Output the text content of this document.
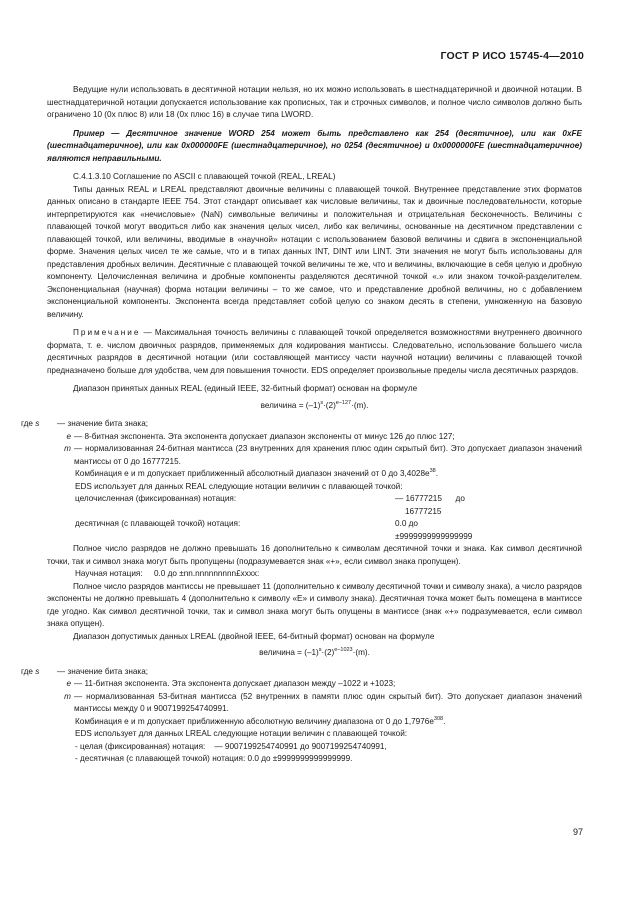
ГОСТ Р ИСО 15745-4—2010

Ведущие нули использовать в десятичной нотации нельзя, но их можно использовать в шестнадцатеричной и двоичной нотации. В шестнадцатеричной нотации допускается использование как прописных, так и строчных символов, и полное число символов должно быть ограничено 10 (0х плюс 8) или 18 (0х плюс 16) в случае типа LWORD.

Пример — Десятичное значение WORD 254 может быть представлено как 254 (десятичное), или как 0xFE (шестнадцатеричное), или как 0x000000FE (шестнадцатеричное), но 0254 (десятичное) и 0x0000000FE (шестнадцатеричное) являются неправильными.

C.4.1.3.10 Соглашение по ASCII с плавающей точкой (REAL, LREAL)

Типы данных REAL и LREAL представляют двоичные величины с плавающей точкой. Внутреннее представление этих форматов данных описано в стандарте IEEE 754. Этот стандарт описывает как числовые величины, так и двоичные последовательности, которые интерпретируются как «нечисловые» (NaN) символьные величины и положительная и отрицательная бесконечность. Величины с плавающей точкой могут вводиться либо как значения целых чисел, либо как величины, основанные на десятичном представлении с плавающей точкой, или величины, вводимые в «научной» нотации с использованием базовой величины и сдвига в экспоненциальной форме. Значения целых чисел те же самые, что и в типах данных INT, DINT или LINT. Эти значения не могут быть использованы для представления дробных величин. Десятичные с плавающей точкой величины те же, что и величины, включающие в себя целую и дробную компоненту. Целочисленная величина и дробные компоненты разделяются десятичной точкой «.» или знаком точкой-разделителем. Экспоненциальная (научная) форма нотации величины – то же самое, что и представление дробной величины, но с добавлением экспоненциальной компоненты. Экспонента всегда представляет собой целую со знаком десять в степени, умноженную на базовую величину.

Примечание — Максимальная точность величины с плавающей точкой определяется возможностями внутреннего двоичного формата, т. е. числом двоичных разрядов, применяемых для кодирования мантиссы. Следовательно, использование большего числа десятичных разрядов в десятичной нотации (или составляющей мантиссу части научной нотации) величины с плавающей точкой предназначено больше для удобства, чем для повышения точности. EDS определяет произвольные пределы числа десятичных разрядов.

Диапазон принятых данных REAL (единый IEEE, 32-битный формат) основан на формуле

величина = $(-1)^s\cdot(2)^{e-127}\cdot(m)$.
где s	— значение бита знака;
e — 8-битная экспонента. Эта экспонента допускает диапазон экспоненты от минус 126 до плюс 127;
m — нормализованная 24-битная мантисса (23 внутренних для хранения плюс один скрытый бит). Это допускает диапазон значений мантиссы от 0 до 16777215.

Комбинация e и m допускает приближенный абсолютный диапазон значений от 0 до $3,4028e^{38}$.

EDS использует для данных REAL следующие нотации величин с плавающей точкой:

целочисленная (фиксированная) нотация:	— 16777215      до
16777215
десятичная (с плавающей точкой) нотация:	0.0 до
±9999999999999999

Полное число разрядов не должно превышать 16 дополнительно к символам десятичной точки и знака. Как символ десятичной точки, так и символ знака могут быть пропущены (подразумевается знак «+», если символ знака пропущен).

Научная нотация:     0.0 до ±nn.nnnnnnnnn£xxxx:

Полное число разрядов мантиссы не превышает 11 (дополнительно к символу десятичной точки и символу знака), а число разрядов экспоненты не должно превышать 4 (дополнительно к символу «Е» и символу знака). Десятичная точка может быть помещена в мантиссе где угодно. Как символ десятичной точки, так и символ знака могут быть опущены в мантиссе (знак «+» подразумевается, если символ знака опущен).

Диапазон допустимых данных LREAL (двойной IEEE, 64-битный формат) основан на формуле

величина = $(-1)^s\cdot(2)^{e-1023}\cdot(m)$.
где s	— значение бита знака;
e — 11-битная экспонента. Эта экспонента допускает диапазон между –1022 и +1023;
m — нормализованная 53-битная мантисса (52 внутренних в памяти плюс один скрытый бит). Это допускает диапазон значений мантиссы между 0 и 9007199254740991.

Комбинация e и m допускает приближенную абсолютную величину диапазона от 0 до $1,7976e^{308}$.

EDS использует для данных LREAL следующие нотации величин с плавающей точкой:

- целая (фиксированная) нотация:    — 9007199254740991 до 9007199254740991,

- десятичная (с плавающей точкой) нотация: 0.0 до ±9999999999999999.

97
